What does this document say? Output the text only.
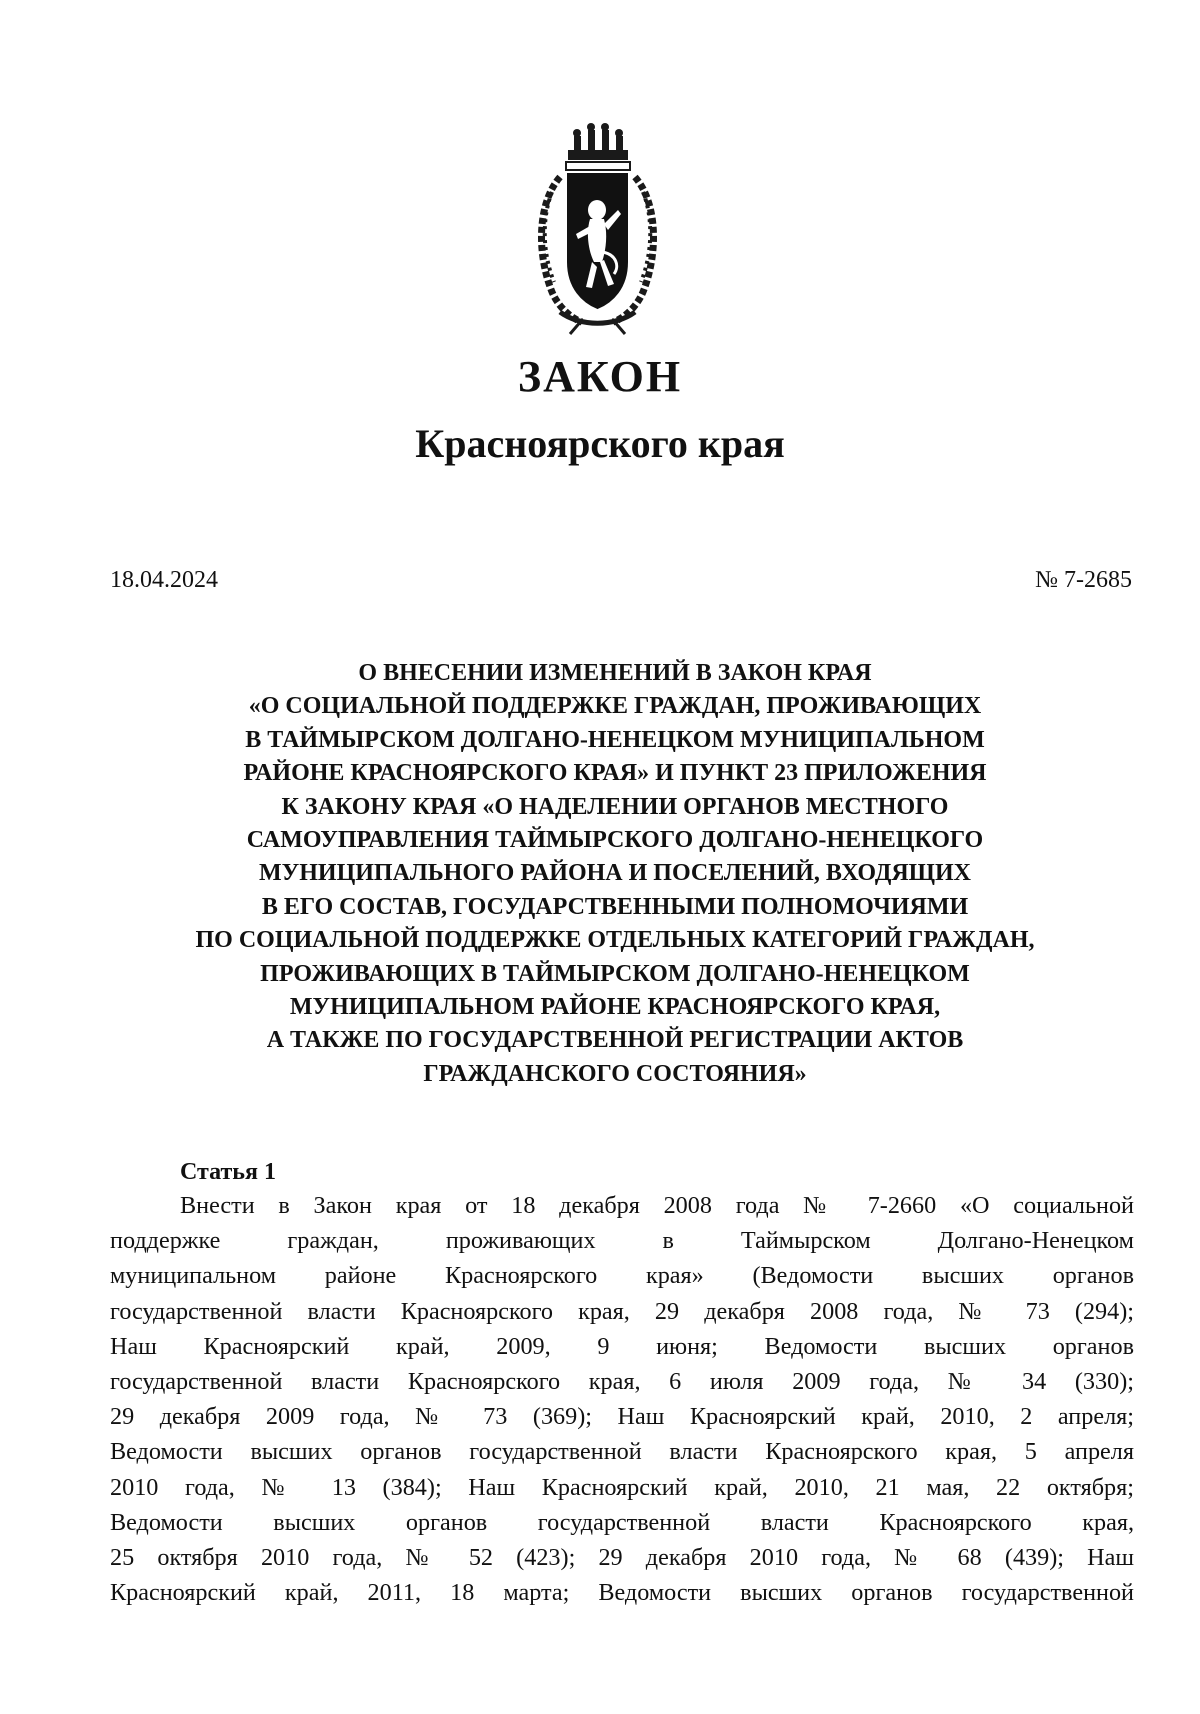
ЗАКОН
Красноярского края
18.04.2024	№ 7-2685
О ВНЕСЕНИИ ИЗМЕНЕНИЙ В ЗАКОН КРАЯ
«О СОЦИАЛЬНОЙ ПОДДЕРЖКЕ ГРАЖДАН, ПРОЖИВАЮЩИХ
В ТАЙМЫРСКОМ ДОЛГАНО-НЕНЕЦКОМ МУНИЦИПАЛЬНОМ
РАЙОНЕ КРАСНОЯРСКОГО КРАЯ» И ПУНКТ 23 ПРИЛОЖЕНИЯ
К ЗАКОНУ КРАЯ «О НАДЕЛЕНИИ ОРГАНОВ МЕСТНОГО
САМОУПРАВЛЕНИЯ ТАЙМЫРСКОГО ДОЛГАНО-НЕНЕЦКОГО
МУНИЦИПАЛЬНОГО РАЙОНА И ПОСЕЛЕНИЙ, ВХОДЯЩИХ
В ЕГО СОСТАВ, ГОСУДАРСТВЕННЫМИ ПОЛНОМОЧИЯМИ
ПО СОЦИАЛЬНОЙ ПОДДЕРЖКЕ ОТДЕЛЬНЫХ КАТЕГОРИЙ ГРАЖДАН,
ПРОЖИВАЮЩИХ В ТАЙМЫРСКОМ ДОЛГАНО-НЕНЕЦКОМ
МУНИЦИПАЛЬНОМ РАЙОНЕ КРАСНОЯРСКОГО КРАЯ,
А ТАКЖЕ ПО ГОСУДАРСТВЕННОЙ РЕГИСТРАЦИИ АКТОВ
ГРАЖДАНСКОГО СОСТОЯНИЯ»
Статья 1
Внести в Закон края от 18 декабря 2008 года № 7-2660 «О социальной
поддержке граждан, проживающих в Таймырском Долгано-Ненецком
муниципальном районе Красноярского края» (Ведомости высших органов
государственной власти Красноярского края, 29 декабря 2008 года, № 73 (294);
Наш Красноярский край, 2009, 9 июня; Ведомости высших органов
государственной власти Красноярского края, 6 июля 2009 года, № 34 (330);
29 декабря 2009 года, № 73 (369); Наш Красноярский край, 2010, 2 апреля;
Ведомости высших органов государственной власти Красноярского края, 5 апреля
2010 года, № 13 (384); Наш Красноярский край, 2010, 21 мая, 22 октября;
Ведомости высших органов государственной власти Красноярского края,
25 октября 2010 года, № 52 (423); 29 декабря 2010 года, № 68 (439); Наш
Красноярский край, 2011, 18 марта; Ведомости высших органов государственной
